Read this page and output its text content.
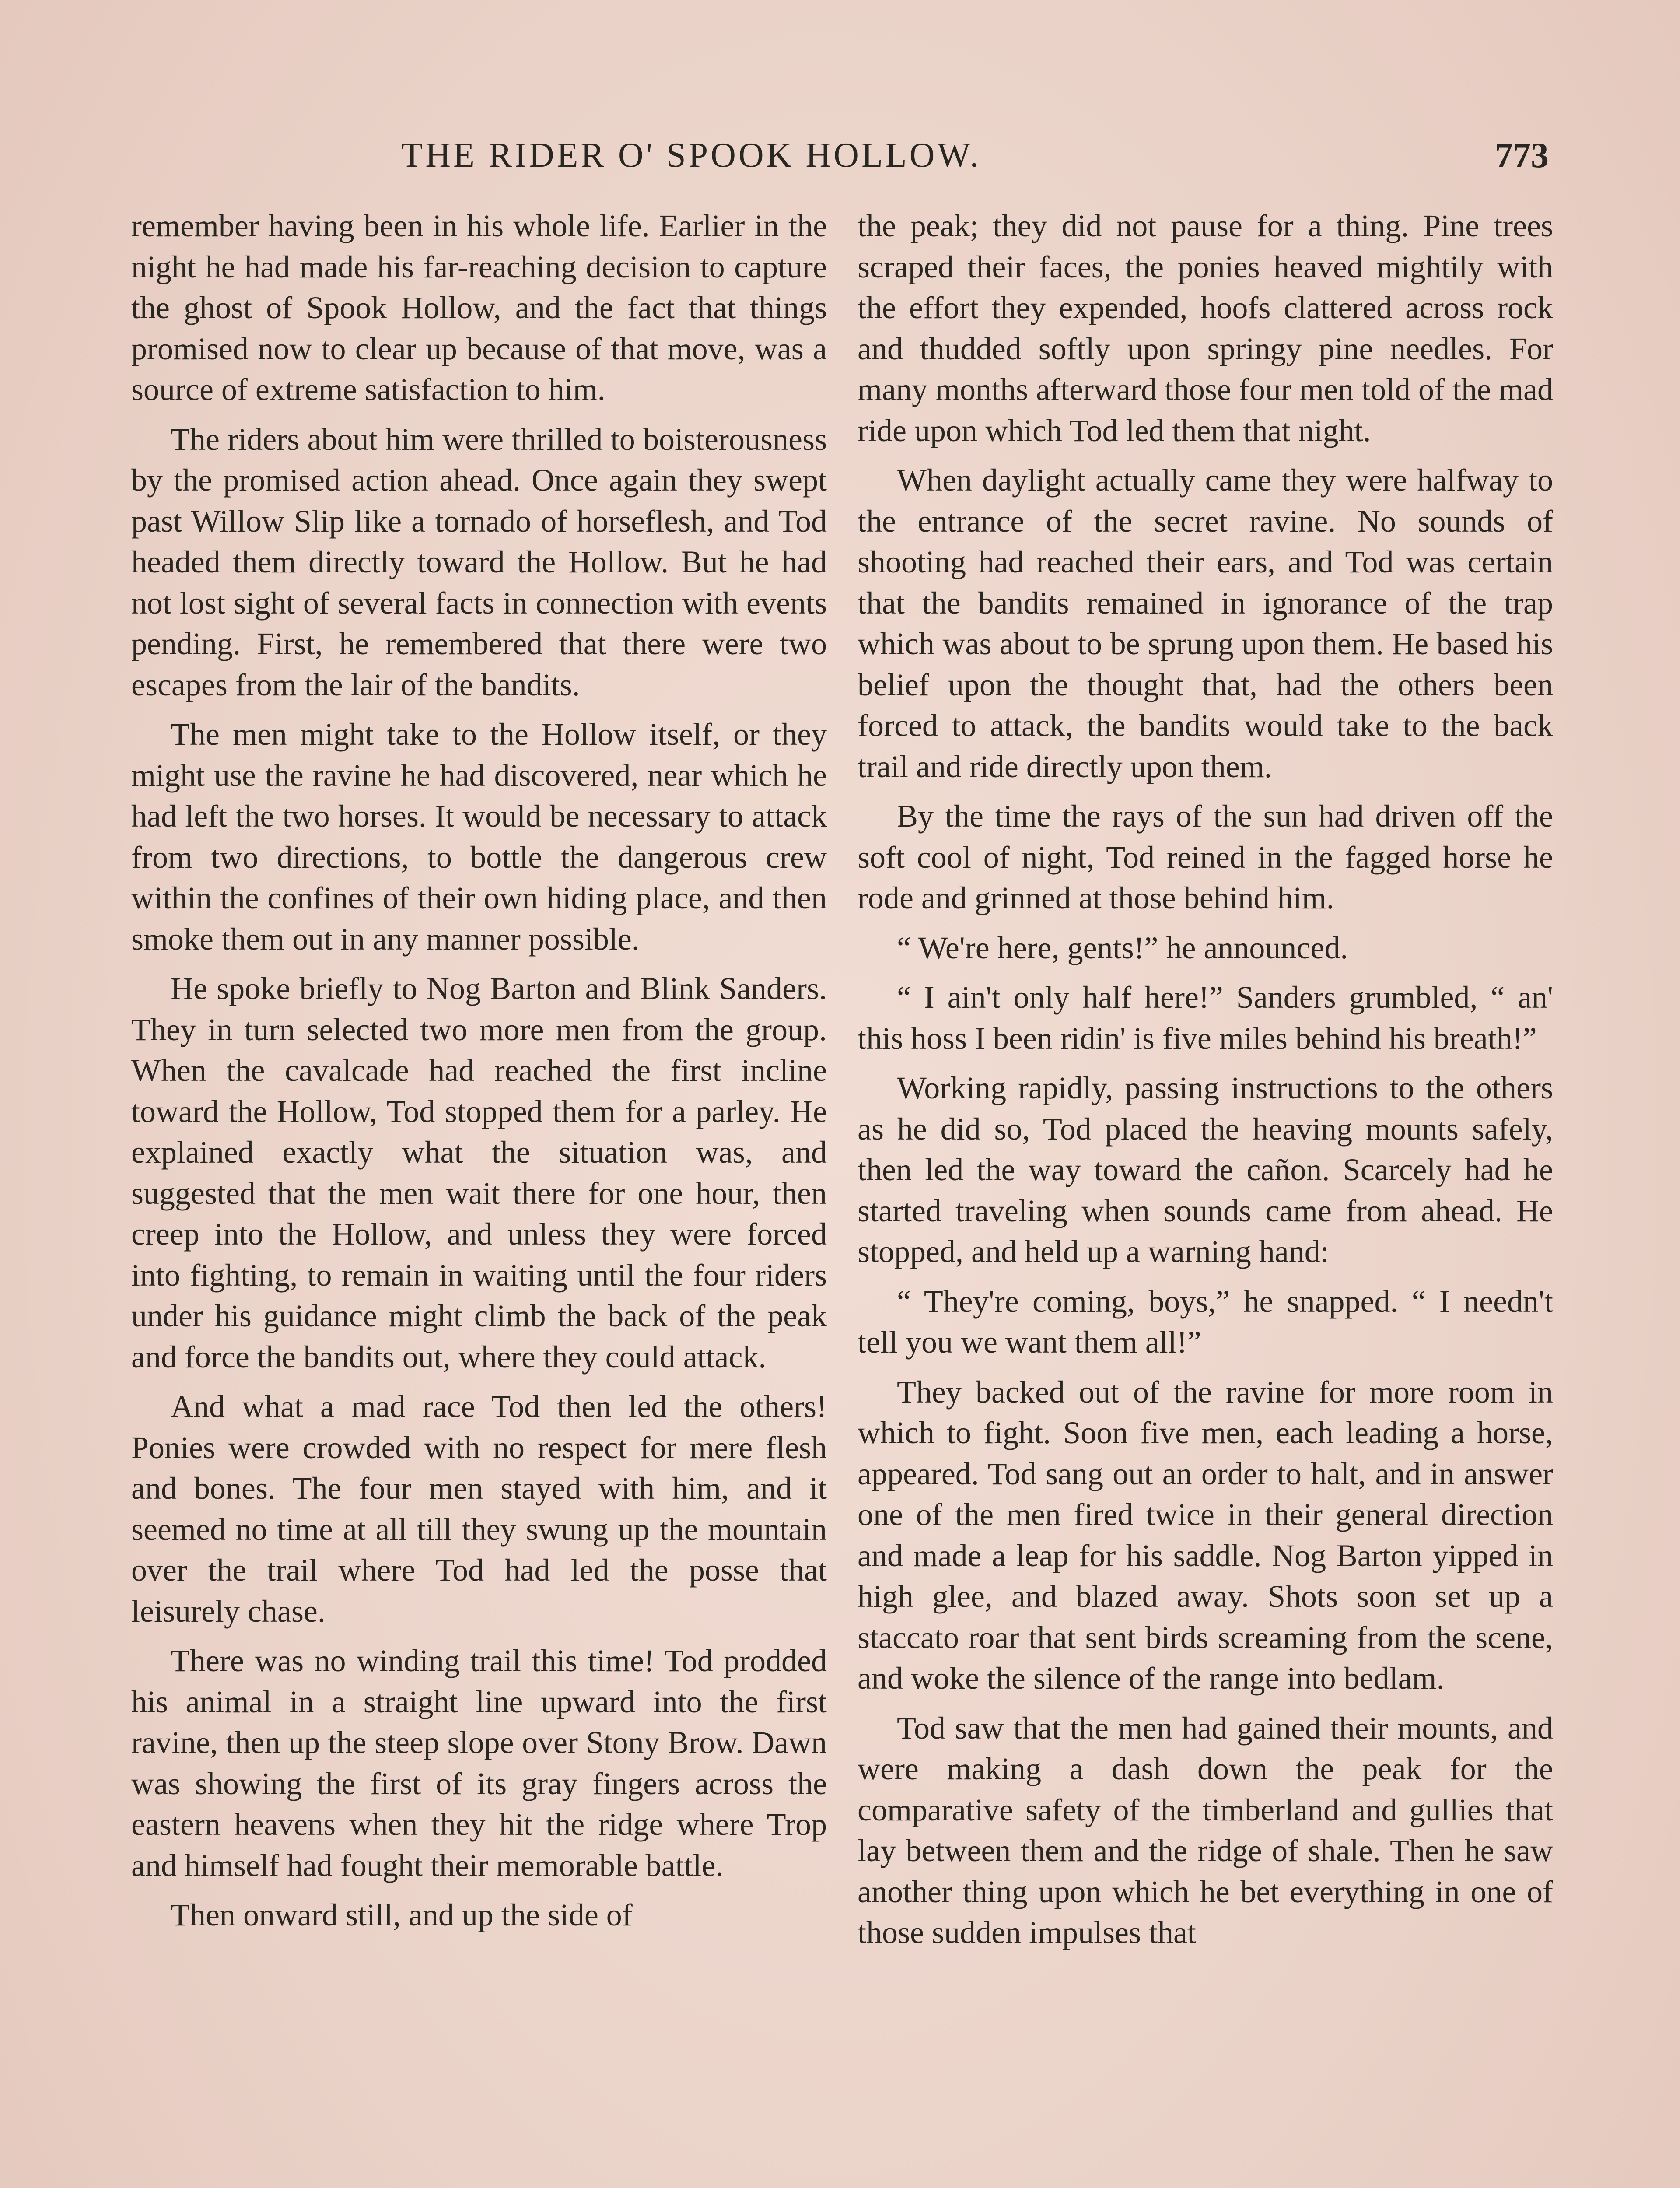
THE RIDER O' SPOOK HOLLOW.	773

remember having been in his whole life. Earlier in the night he had made his far-reaching decision to capture the ghost of Spook Hollow, and the fact that things promised now to clear up because of that move, was a source of extreme satisfaction to him.

The riders about him were thrilled to boisterousness by the promised action ahead. Once again they swept past Willow Slip like a tornado of horseflesh, and Tod headed them directly toward the Hollow. But he had not lost sight of several facts in connection with events pending. First, he remembered that there were two escapes from the lair of the bandits.

The men might take to the Hollow itself, or they might use the ravine he had discovered, near which he had left the two horses. It would be necessary to attack from two directions, to bottle the dangerous crew within the confines of their own hiding place, and then smoke them out in any manner possible.

He spoke briefly to Nog Barton and Blink Sanders. They in turn selected two more men from the group. When the cavalcade had reached the first incline toward the Hollow, Tod stopped them for a parley. He explained exactly what the situation was, and suggested that the men wait there for one hour, then creep into the Hollow, and unless they were forced into fighting, to remain in waiting until the four riders under his guidance might climb the back of the peak and force the bandits out, where they could attack.

And what a mad race Tod then led the others! Ponies were crowded with no respect for mere flesh and bones. The four men stayed with him, and it seemed no time at all till they swung up the mountain over the trail where Tod had led the posse that leisurely chase.

There was no winding trail this time! Tod prodded his animal in a straight line upward into the first ravine, then up the steep slope over Stony Brow. Dawn was showing the first of its gray fingers across the eastern heavens when they hit the ridge where Trop and himself had fought their memorable battle.

Then onward still, and up the side of

the peak; they did not pause for a thing. Pine trees scraped their faces, the ponies heaved mightily with the effort they expended, hoofs clattered across rock and thudded softly upon springy pine needles. For many months afterward those four men told of the mad ride upon which Tod led them that night.

When daylight actually came they were halfway to the entrance of the secret ravine. No sounds of shooting had reached their ears, and Tod was certain that the bandits remained in ignorance of the trap which was about to be sprung upon them. He based his belief upon the thought that, had the others been forced to attack, the bandits would take to the back trail and ride directly upon them.

By the time the rays of the sun had driven off the soft cool of night, Tod reined in the fagged horse he rode and grinned at those behind him.

“ We're here, gents!” he announced.

“ I ain't only half here!” Sanders grumbled, “ an' this hoss I been ridin' is five miles behind his breath!”

Working rapidly, passing instructions to the others as he did so, Tod placed the heaving mounts safely, then led the way toward the cañon. Scarcely had he started traveling when sounds came from ahead. He stopped, and held up a warning hand:

“ They're coming, boys,” he snapped. “ I needn't tell you we want them all!”

They backed out of the ravine for more room in which to fight. Soon five men, each leading a horse, appeared. Tod sang out an order to halt, and in answer one of the men fired twice in their general direction and made a leap for his saddle. Nog Barton yipped in high glee, and blazed away. Shots soon set up a staccato roar that sent birds screaming from the scene, and woke the silence of the range into bedlam.

Tod saw that the men had gained their mounts, and were making a dash down the peak for the comparative safety of the timberland and gullies that lay between them and the ridge of shale. Then he saw another thing upon which he bet everything in one of those sudden impulses that
